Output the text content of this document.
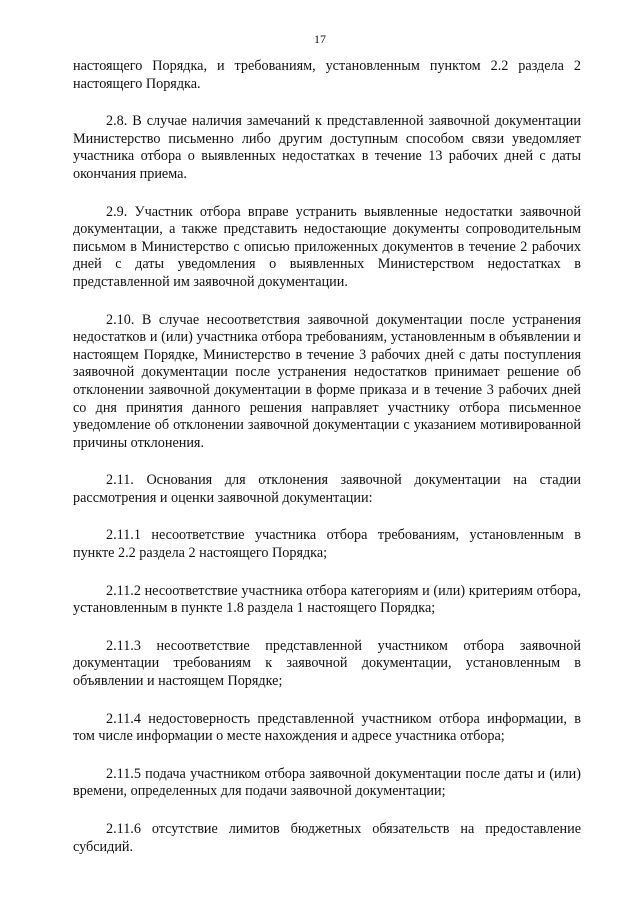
17

настоящего Порядка, и требованиям, установленным пунктом 2.2 раздела 2 настоящего Порядка.

2.8. В случае наличия замечаний к представленной заявочной документации Министерство письменно либо другим доступным способом связи уведомляет участника отбора о выявленных недостатках в течение 13 рабочих дней с даты окончания приема.

2.9. Участник отбора вправе устранить выявленные недостатки заявочной документации, а также представить недостающие документы сопроводительным письмом в Министерство с описью приложенных документов в течение 2 рабочих дней с даты уведомления о выявленных Министерством недостатках в представленной им заявочной документации.

2.10. В случае несоответствия заявочной документации после устранения недостатков и (или) участника отбора требованиям, установленным в объявлении и настоящем Порядке, Министерство в течение 3 рабочих дней с даты поступления заявочной документации после устранения недостатков принимает решение об отклонении заявочной документации в форме приказа и в течение 3 рабочих дней со дня принятия данного решения направляет участнику отбора письменное уведомление об отклонении заявочной документации с указанием мотивированной причины отклонения.

2.11. Основания для отклонения заявочной документации на стадии рассмотрения и оценки заявочной документации:

2.11.1 несоответствие участника отбора требованиям, установленным в пункте 2.2 раздела 2 настоящего Порядка;

2.11.2 несоответствие участника отбора категориям и (или) критериям отбора, установленным в пункте 1.8 раздела 1 настоящего Порядка;

2.11.3 несоответствие представленной участником отбора заявочной документации требованиям к заявочной документации, установленным в объявлении и настоящем Порядке;

2.11.4 недостоверность представленной участником отбора информации, в том числе информации о месте нахождения и адресе участника отбора;

2.11.5 подача участником отбора заявочной документации после даты и (или) времени, определенных для подачи заявочной документации;

2.11.6 отсутствие лимитов бюджетных обязательств на предоставление субсидий.
